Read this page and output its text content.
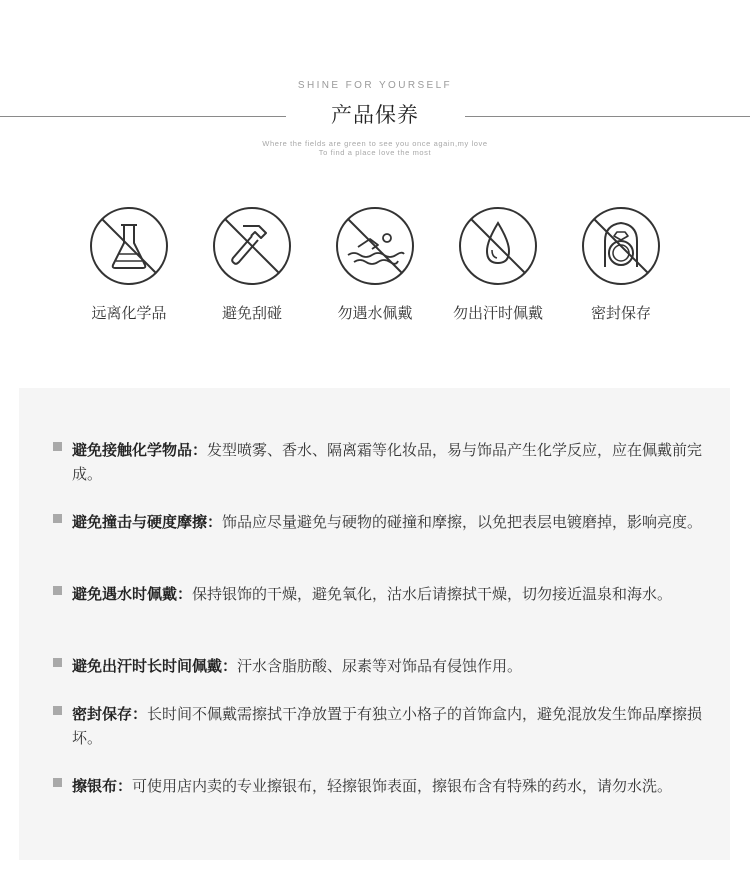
SHINE FOR YOURSELF
产品保养
Where the fields are green to see you once again,my love
To find a place love the most
远离化学品	避免刮碰	勿遇水佩戴	勿出汗时佩戴	密封保存
避免接触化学物品：发型喷雾、香水、隔离霜等化妆品，易与饰品产生化学反应，应在佩戴前完成。
避免撞击与硬度摩擦：饰品应尽量避免与硬物的碰撞和摩擦，以免把表层电镀磨掉，影响亮度。
避免遇水时佩戴：保持银饰的干燥，避免氧化，沽水后请擦拭干燥，切勿接近温泉和海水。
避免出汗时长时间佩戴：汗水含脂肪酸、尿素等对饰品有侵蚀作用。
密封保存：长时间不佩戴需擦拭干净放置于有独立小格子的首饰盒内，避免混放发生饰品摩擦损坏。
擦银布：可使用店内卖的专业擦银布，轻擦银饰表面，擦银布含有特殊的药水，请勿水洗。
